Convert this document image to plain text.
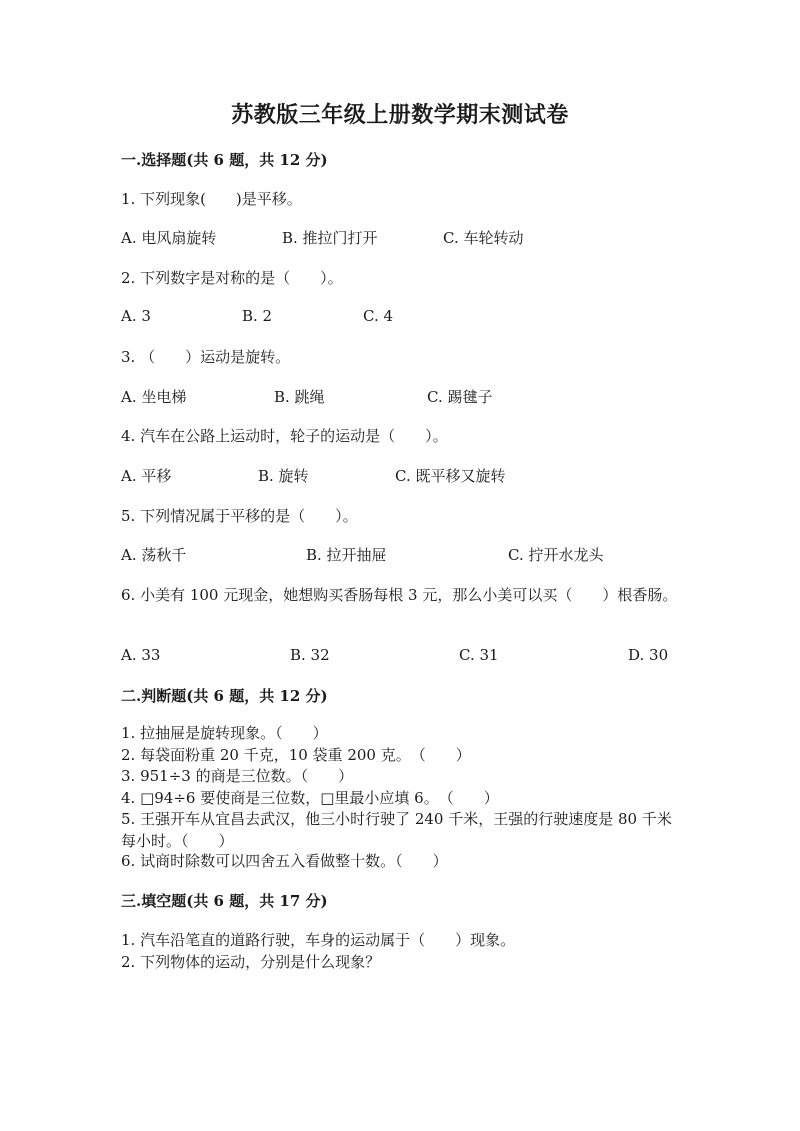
苏教版三年级上册数学期末测试卷
一.选择题(共 6 题，共 12 分)
1. 下列现象(　　)是平移。
A. 电风扇旋转	B. 推拉门打开	C. 车轮转动
2. 下列数字是对称的是（　　）。
A. 3	B. 2	C. 4
3. （　　）运动是旋转。
A. 坐电梯	B. 跳绳	C. 踢毽子
4. 汽车在公路上运动时，轮子的运动是（　　）。
A. 平移	B. 旋转	C. 既平移又旋转
5. 下列情况属于平移的是（　　）。
A. 荡秋千	B. 拉开抽屉	C. 拧开水龙头
6. 小美有 100 元现金，她想购买香肠每根 3 元，那么小美可以买（　　）根香肠。
A. 33	B. 32	C. 31	D. 30
二.判断题(共 6 题，共 12 分)
1. 拉抽屉是旋转现象。（　　）
2. 每袋面粉重 20 千克，10 袋重 200 克。　（　　）
3. 951÷3 的商是三位数。（　　）
4. □94÷6 要使商是三位数，□里最小应填 6。　（　　）
5. 王强开车从宜昌去武汉，他三小时行驶了 240 千米，王强的行驶速度是 80 千米每小时。（　　）
6. 试商时除数可以四舍五入看做整十数。（　　）
三.填空题(共 6 题，共 17 分)
1. 汽车沿笔直的道路行驶，车身的运动属于（　　）现象。
2. 下列物体的运动，分别是什么现象？
